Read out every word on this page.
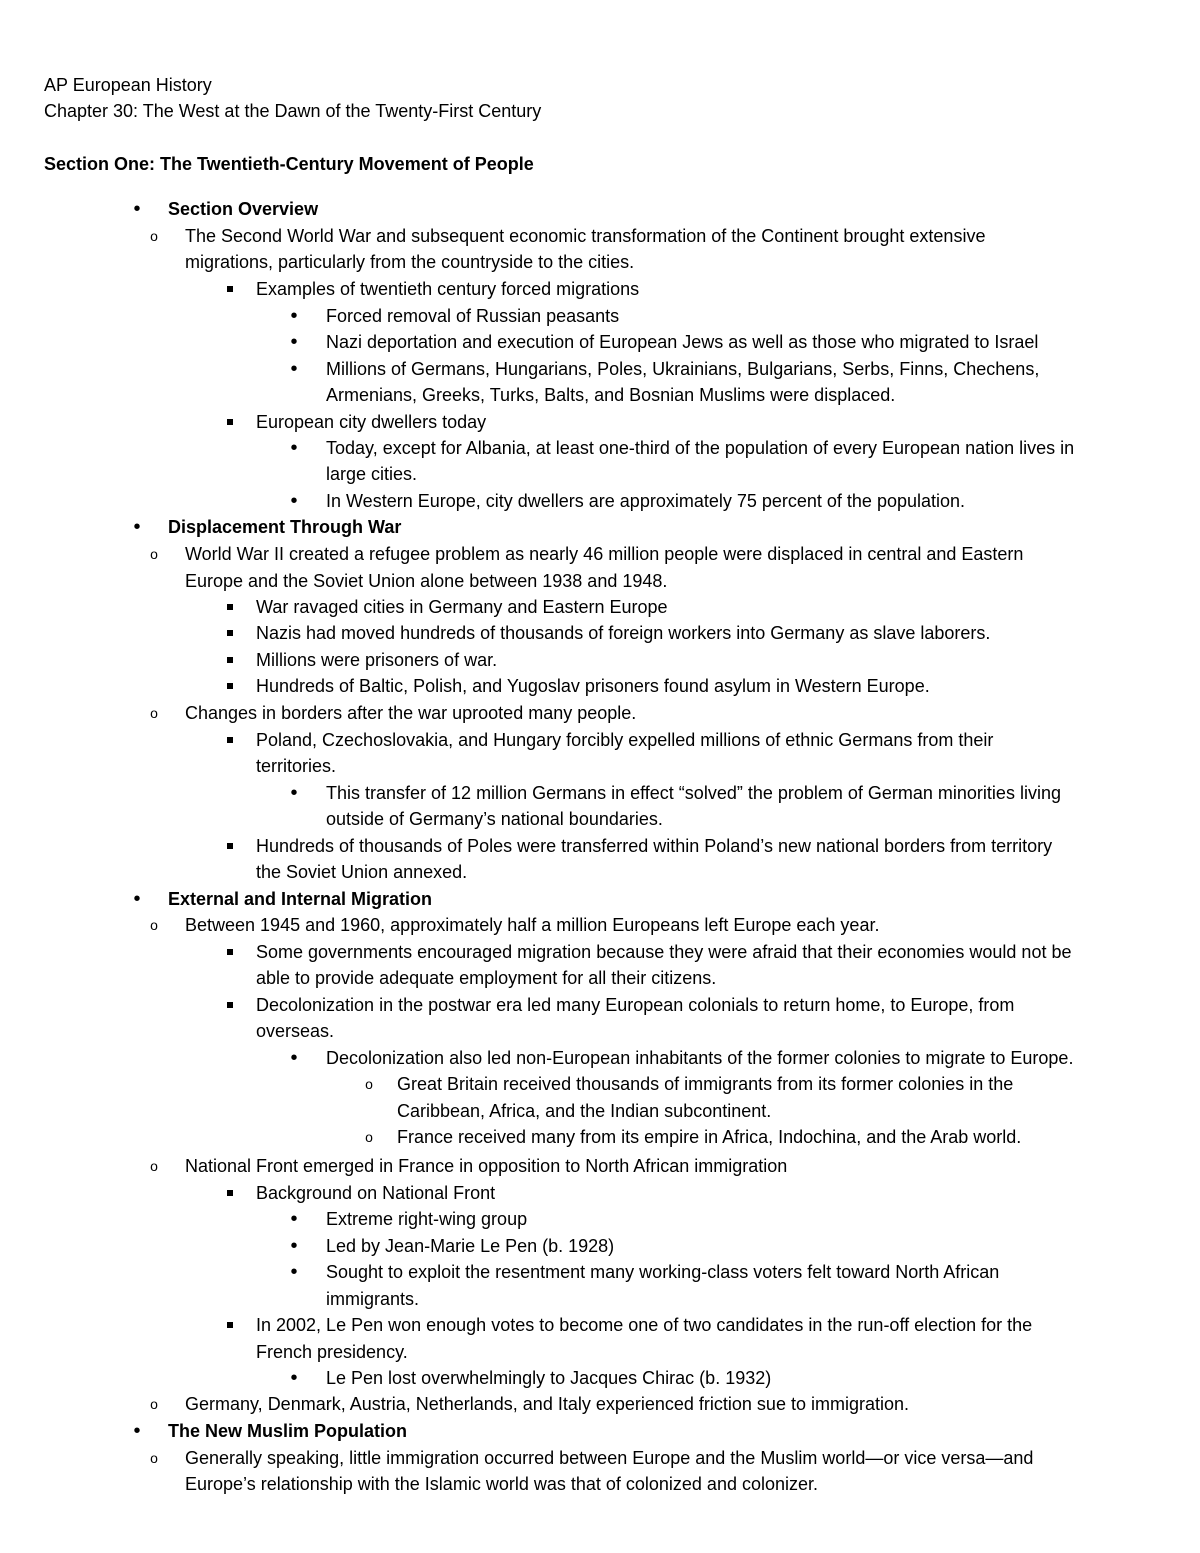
AP European History
Chapter 30: The West at the Dawn of the Twenty-First Century
Section One: The Twentieth-Century Movement of People
•
Section Overview
o
The Second World War and subsequent economic transformation of the Continent brought extensive
migrations, particularly from the countryside to the cities.
Examples of twentieth century forced migrations
•
Forced removal of Russian peasants
•
Nazi deportation and execution of European Jews as well as those who migrated to Israel
•
Millions of Germans, Hungarians, Poles, Ukrainians, Bulgarians, Serbs, Finns, Chechens,
Armenians, Greeks, Turks, Balts, and Bosnian Muslims were displaced.
European city dwellers today
•
Today, except for Albania, at least one-third of the population of every European nation lives in
large cities.
•
In Western Europe, city dwellers are approximately 75 percent of the population.
•
Displacement Through War
o
World War II created a refugee problem as nearly 46 million people were displaced in central and Eastern
Europe and the Soviet Union alone between 1938 and 1948.
War ravaged cities in Germany and Eastern Europe
Nazis had moved hundreds of thousands of foreign workers into Germany as slave laborers.
Millions were prisoners of war.
Hundreds of Baltic, Polish, and Yugoslav prisoners found asylum in Western Europe.
o
Changes in borders after the war uprooted many people.
Poland, Czechoslovakia, and Hungary forcibly expelled millions of ethnic Germans from their
territories.
•
This transfer of 12 million Germans in effect “solved” the problem of German minorities living
outside of Germany’s national boundaries.
Hundreds of thousands of Poles were transferred within Poland’s new national borders from territory
the Soviet Union annexed.
•
External and Internal Migration
o
Between 1945 and 1960, approximately half a million Europeans left Europe each year.
Some governments encouraged migration because they were afraid that their economies would not be
able to provide adequate employment for all their citizens.
Decolonization in the postwar era led many European colonials to return home, to Europe, from
overseas.
•
Decolonization also led non-European inhabitants of the former colonies to migrate to Europe.
o
Great Britain received thousands of immigrants from its former colonies in the
Caribbean, Africa, and the Indian subcontinent.
o
France received many from its empire in Africa, Indochina, and the Arab world.
o
National Front emerged in France in opposition to North African immigration
Background on National Front
•
Extreme right-wing group
•
Led by Jean-Marie Le Pen (b. 1928)
•
Sought to exploit the resentment many working-class voters felt toward North African
immigrants.
In 2002, Le Pen won enough votes to become one of two candidates in the run-off election for the
French presidency.
•
Le Pen lost overwhelmingly to Jacques Chirac (b. 1932)
o
Germany, Denmark, Austria, Netherlands, and Italy experienced friction sue to immigration.
•
The New Muslim Population
o
Generally speaking, little immigration occurred between Europe and the Muslim world—or vice versa—and
Europe’s relationship with the Islamic world was that of colonized and colonizer.
